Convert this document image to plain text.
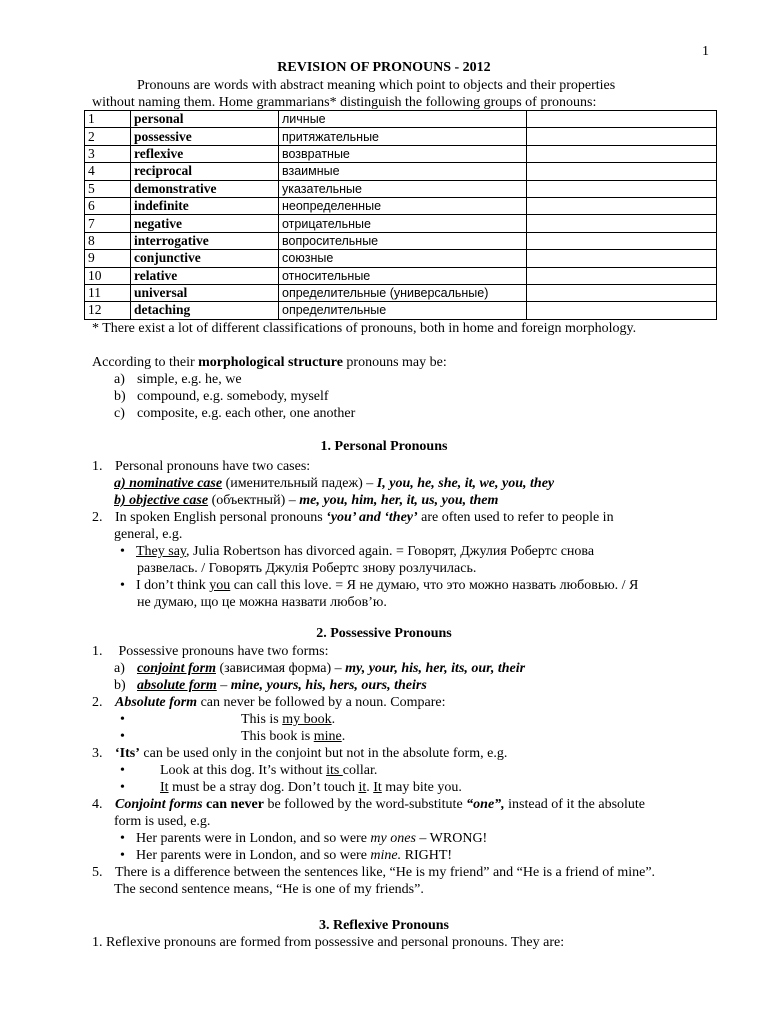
1
REVISION OF PRONOUNS - 2012
Pronouns are words with abstract meaning which point to objects and their properties
without naming them. Home grammarians* distinguish the following groups of pronouns:
1	personal	личные	
2	possessive	притяжательные	
3	reflexive	возвратные	
4	reciprocal	взаимные	
5	demonstrative	указательные	
6	indefinite	неопределенные	
7	negative	отрицательные	
8	interrogative	вопросительные	
9	conjunctive	союзные	
10	relative	относительные	
11	universal	определительные (универсальные)	
12	detaching	определительные	
* There exist a lot of different classifications of pronouns, both in home and foreign morphology.
According to their morphological structure pronouns may be:
a) simple, e.g. he, we
b) compound, e.g. somebody, myself
c) composite, e.g. each other, one another
1. Personal Pronouns
1. Personal pronouns have two cases:
a) nominative case (именительный падеж) – I, you, he, she, it, we, you, they
b) objective case (объектный) – me, you, him, her, it, us, you, them
2. In spoken English personal pronouns ‘you’ and ‘they’ are often used to refer to people in
general, e.g.
• They say, Julia Robertson has divorced again. = Говорят, Джулия Робертс снова
развелась. / Говорять Джулія Робертс знову розлучилась.
• I don’t think you can call this love. = Я не думаю, что это можно назвать любовью. / Я
не думаю, що це можна назвати любов’ю.
2. Possessive Pronouns
1. Possessive pronouns have two forms:
a) conjoint form (зависимая форма) – my, your, his, her, its, our, their
b) absolute form – mine, yours, his, hers, ours, theirs
2. Absolute form can never be followed by a noun. Compare:
•	This is my book.
•	This book is mine.
3. ‘Its’ can be used only in the conjoint but not in the absolute form, e.g.
•	Look at this dog. It’s without its collar.
•	It must be a stray dog. Don’t touch it. It may bite you.
4. Conjoint forms can never be followed by the word-substitute “one”, instead of it the absolute
form is used, e.g.
• Her parents were in London, and so were my ones – WRONG!
• Her parents were in London, and so were mine. RIGHT!
5. There is a difference between the sentences like, “He is my friend” and “He is a friend of mine”.
The second sentence means, “He is one of my friends”.
3. Reflexive Pronouns
1. Reflexive pronouns are formed from possessive and personal pronouns. They are:
